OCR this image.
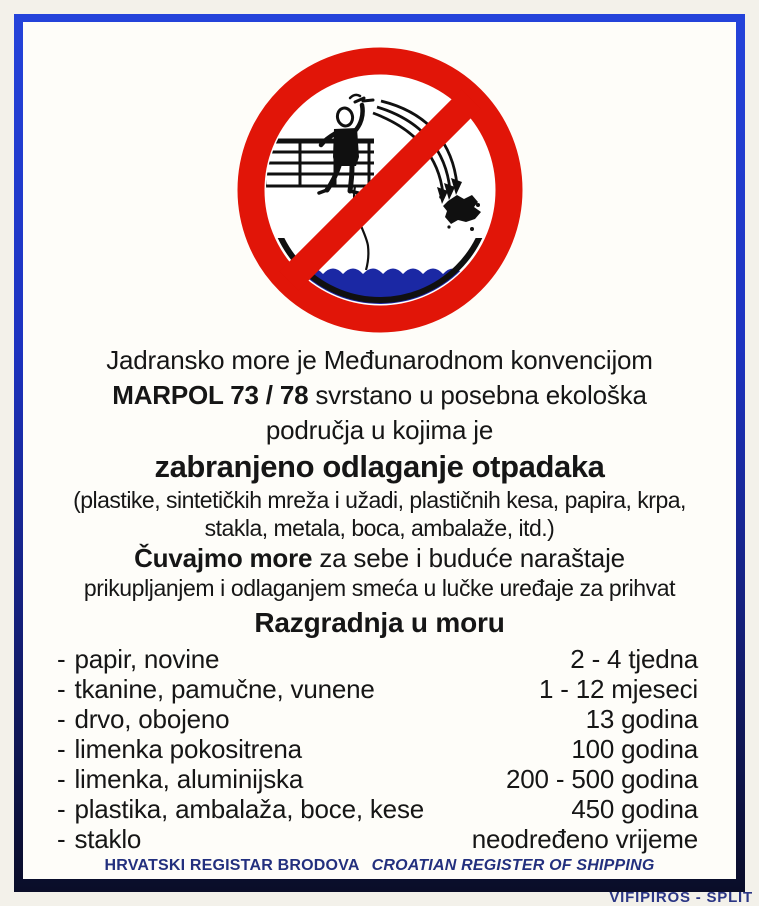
Jadransko more je Međunarodnom konvencijom
MARPOL 73 / 78 svrstano u posebna ekološka
područja u kojima je
zabranjeno odlaganje otpadaka
(plastike, sintetičkih mreža i užadi, plastičnih kesa, papira, krpa,
stakla, metala, boca, ambalaže, itd.)
Čuvajmo more za sebe i buduće naraštaje
prikupljanjem i odlaganjem smeća u lučke uređaje za prihvat
Razgradnja u moru
- papir, novine	2 - 4 tjedna
- tkanine, pamučne, vunene	1 - 12 mjeseci
- drvo, obojeno	13 godina
- limenka pokositrena	100 godina
- limenka, aluminijska	200 - 500 godina
- plastika, ambalaža, boce, kese	450 godina
- staklo	neodređeno vrijeme
HRVATSKI REGISTAR BRODOVA CROATIAN REGISTER OF SHIPPING
VIFIPIROS - SPLIT
